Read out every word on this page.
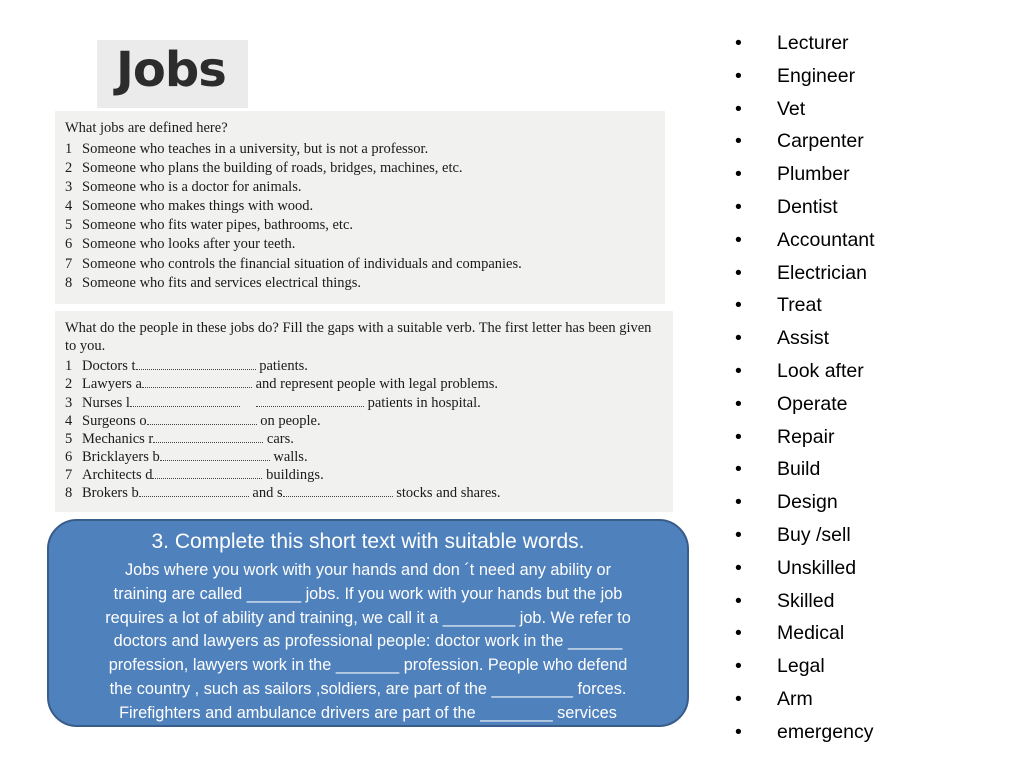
Jobs
What jobs are defined here?
1 Someone who teaches in a university, but is not a professor.
2 Someone who plans the building of roads, bridges, machines, etc.
3 Someone who is a doctor for animals.
4 Someone who makes things with wood.
5 Someone who fits water pipes, bathrooms, etc.
6 Someone who looks after your teeth.
7 Someone who controls the financial situation of individuals and companies.
8 Someone who fits and services electrical things.
What do the people in these jobs do? Fill the gaps with a suitable verb. The first letter has been given to you.
1 Doctors t	patients.
2 Lawyers a	and represent people with legal problems.
3 Nurses l	patients in hospital.
4 Surgeons o	on people.
5 Mechanics r	cars.
6 Bricklayers b	walls.
7 Architects d	buildings.
8 Brokers b	and s	stocks and shares.
3. Complete this short text with suitable words.
Jobs where you work with your hands and don ´t need any ability or
training are called ______ jobs. If you work with your hands but the job
requires a lot of ability and training, we call it a ________ job. We refer to
doctors and lawyers as professional people: doctor work in the ______
profession, lawyers work in the _______ profession. People who defend
the country , such as sailors ,soldiers, are part of the _________ forces.
Firefighters and ambulance drivers are part of the ________ services
• Lecturer
• Engineer
• Vet
• Carpenter
• Plumber
• Dentist
• Accountant
• Electrician
• Treat
• Assist
• Look after
• Operate
• Repair
• Build
• Design
• Buy /sell
• Unskilled
• Skilled
• Medical
• Legal
• Arm
• emergency
